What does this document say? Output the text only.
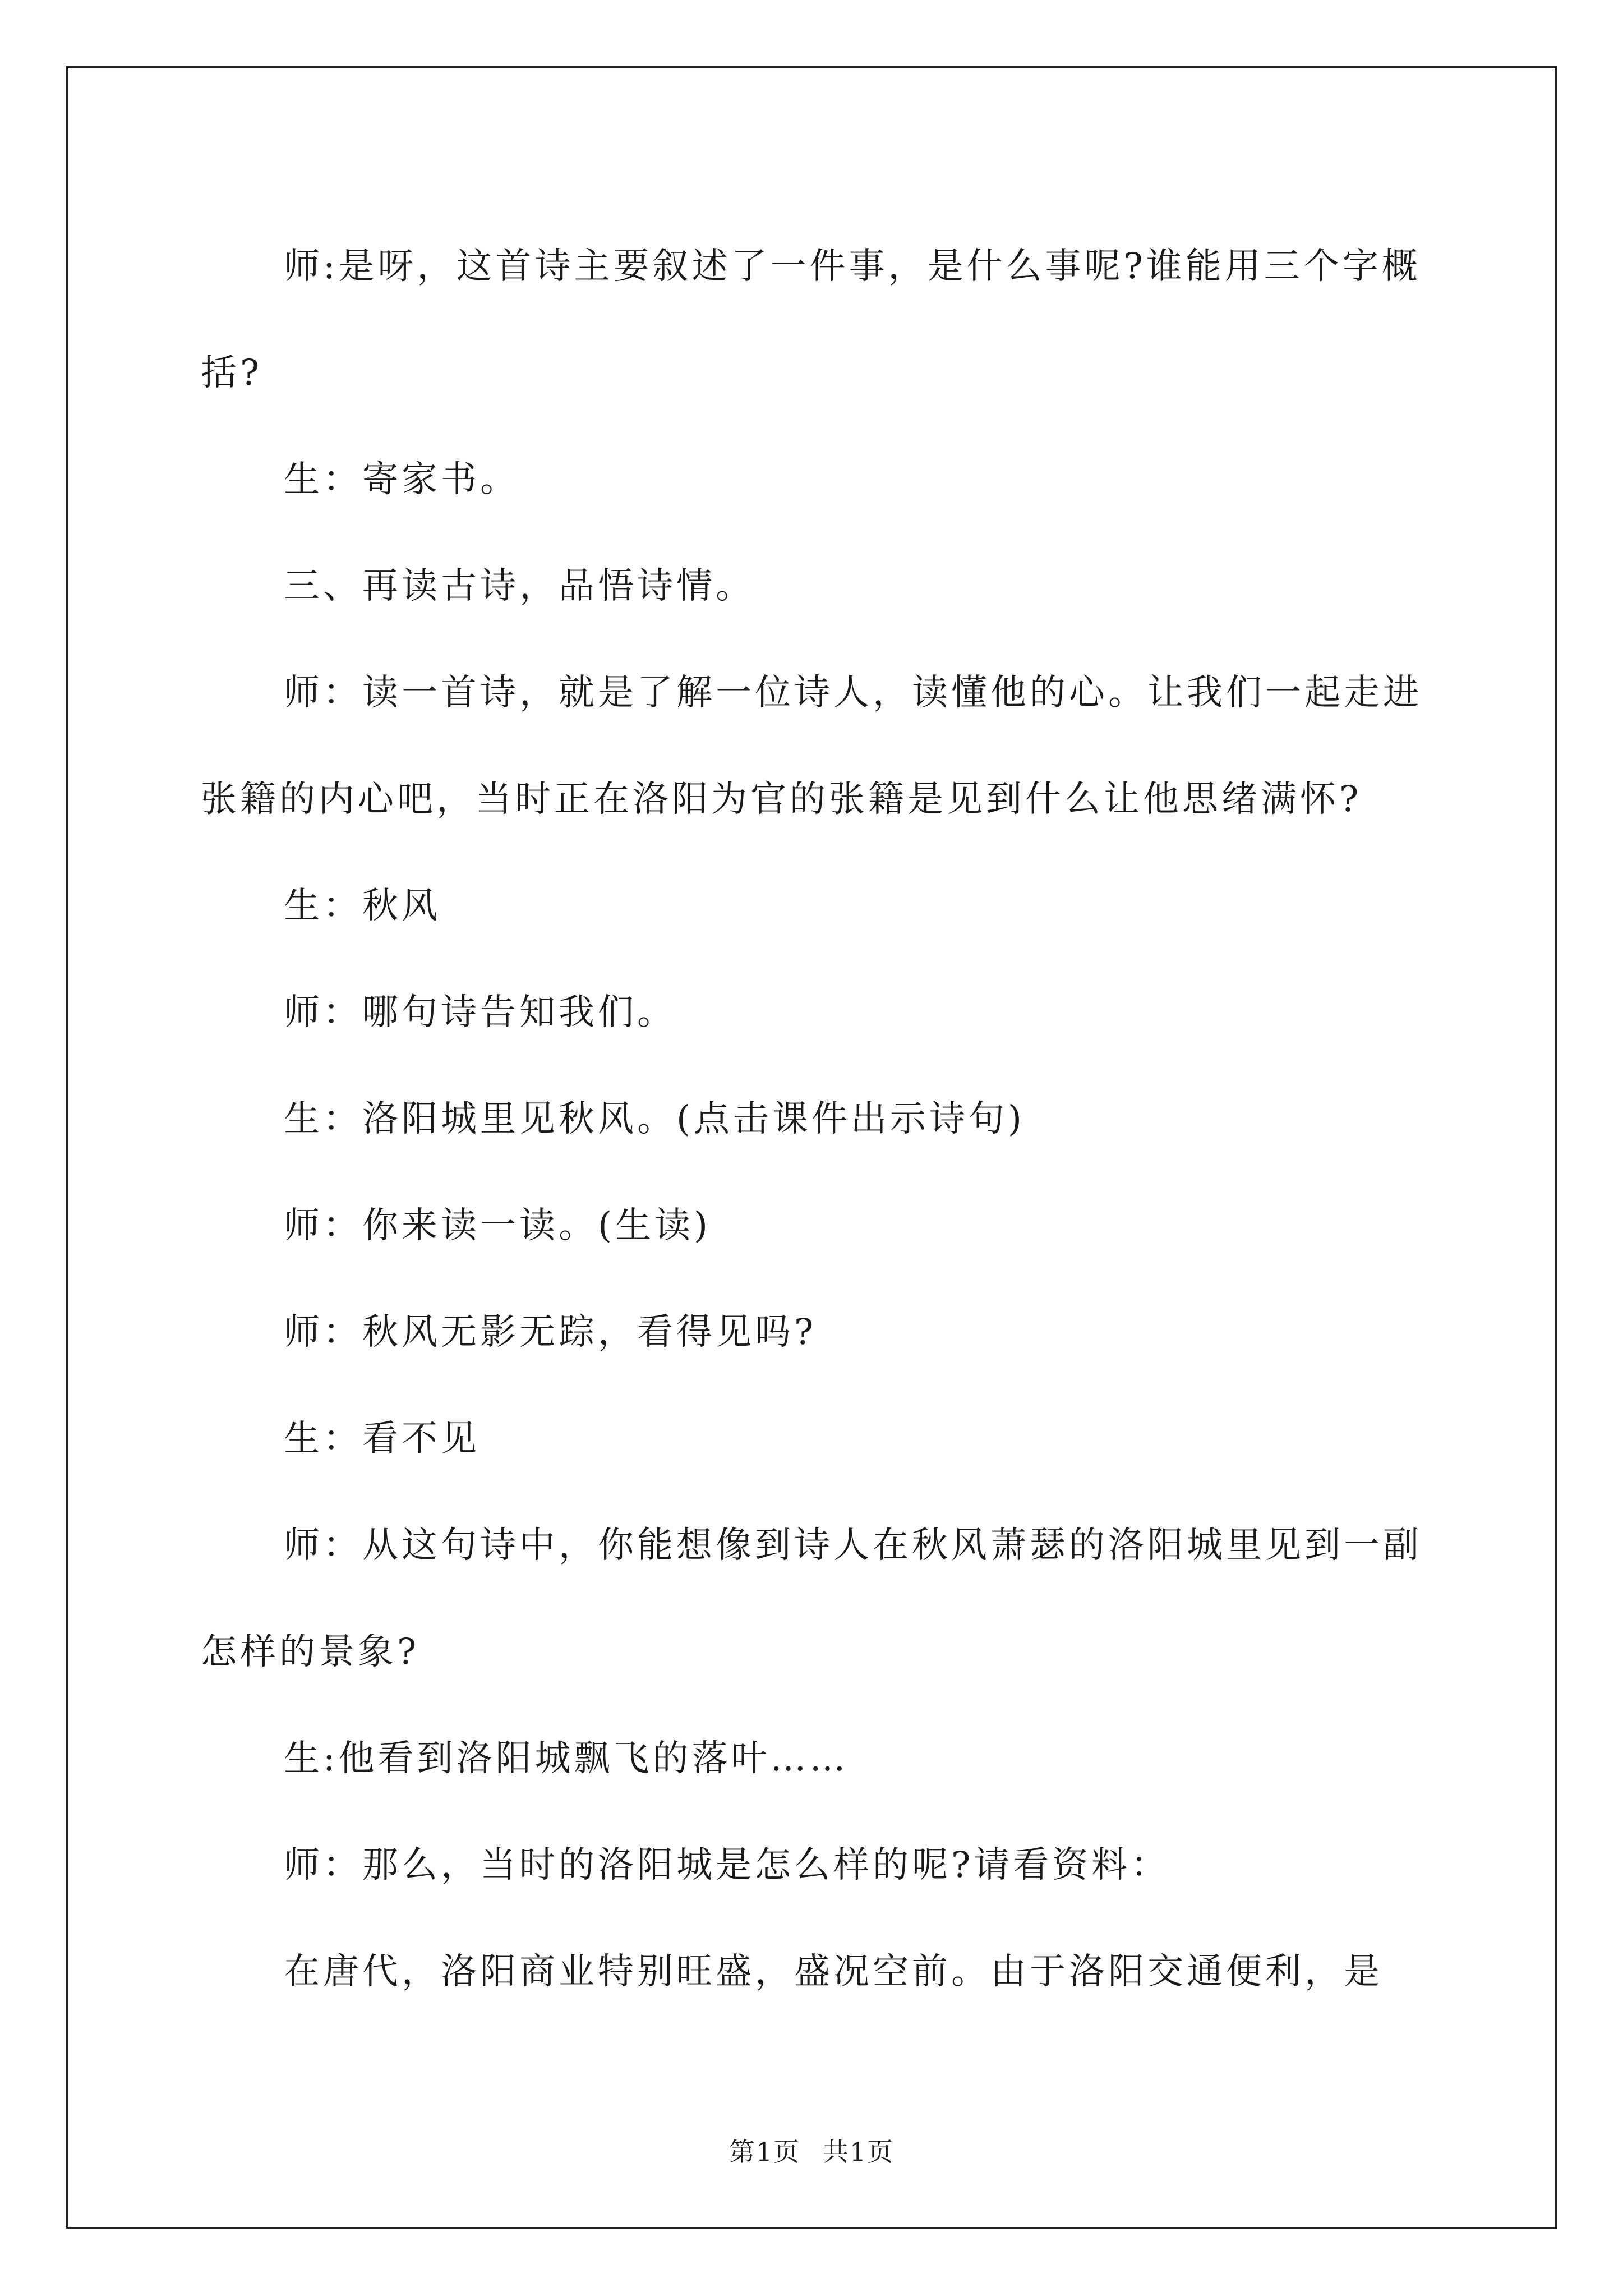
师:是呀，这首诗主要叙述了一件事，是什么事呢?谁能用三个字概括?

生：寄家书。

三、再读古诗，品悟诗情。

师：读一首诗，就是了解一位诗人，读懂他的心。让我们一起走进张籍的内心吧，当时正在洛阳为官的张籍是见到什么让他思绪满怀?

生：秋风

师：哪句诗告知我们。

生：洛阳城里见秋风。(点击课件出示诗句)

师：你来读一读。(生读)

师：秋风无影无踪，看得见吗?

生：看不见

师：从这句诗中，你能想像到诗人在秋风萧瑟的洛阳城里见到一副怎样的景象?

生:他看到洛阳城飘飞的落叶……

师：那么，当时的洛阳城是怎么样的呢?请看资料：

在唐代，洛阳商业特别旺盛，盛况空前。由于洛阳交通便利，是

第1页 共1页
